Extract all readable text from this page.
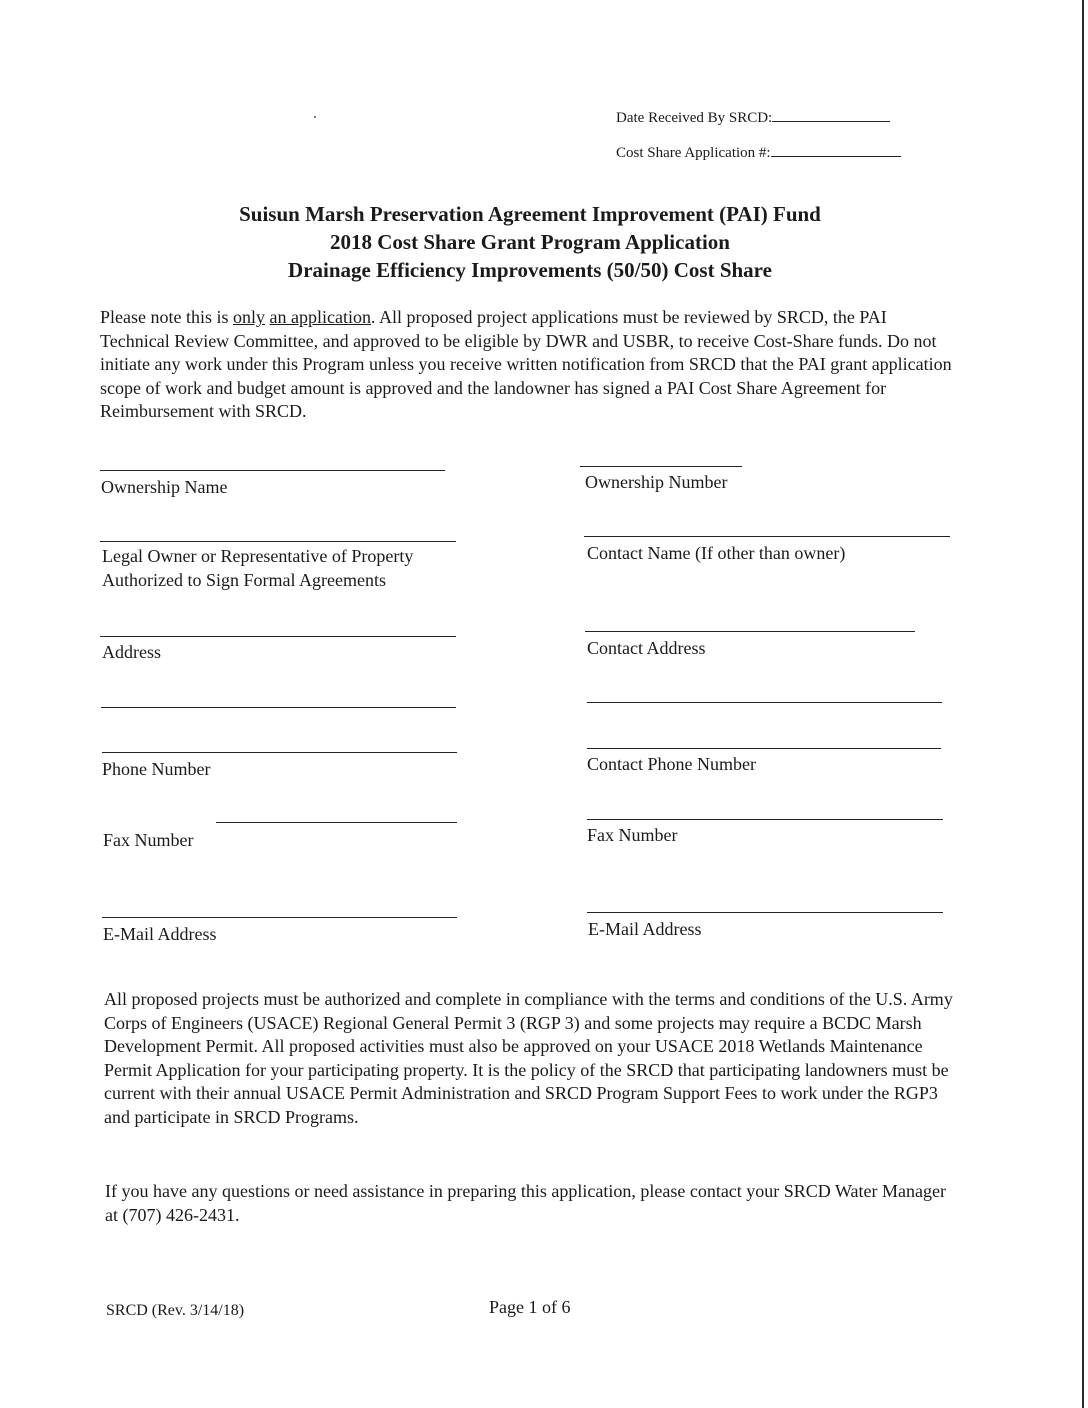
Date Received By SRCD:
Cost Share Application #:
Suisun Marsh Preservation Agreement Improvement (PAI) Fund
2018 Cost Share Grant Program Application
Drainage Efficiency Improvements (50/50) Cost Share
Please note this is only an application. All proposed project applications must be reviewed by SRCD, the PAI Technical Review Committee, and approved to be eligible by DWR and USBR, to receive Cost-Share funds. Do not initiate any work under this Program unless you receive written notification from SRCD that the PAI grant application scope of work and budget amount is approved and the landowner has signed a PAI Cost Share Agreement for Reimbursement with SRCD.
Ownership Name
Legal Owner or Representative of Property
Authorized to Sign Formal Agreements
Address
Phone Number
Fax Number
E-Mail Address
Ownership Number
Contact Name (If other than owner)
Contact Address
Contact Phone Number
Fax Number
E-Mail Address
All proposed projects must be authorized and complete in compliance with the terms and conditions of the U.S. Army Corps of Engineers (USACE) Regional General Permit 3 (RGP 3) and some projects may require a BCDC Marsh Development Permit. All proposed activities must also be approved on your USACE 2018 Wetlands Maintenance Permit Application for your participating property. It is the policy of the SRCD that participating landowners must be current with their annual USACE Permit Administration and SRCD Program Support Fees to work under the RGP3 and participate in SRCD Programs.
If you have any questions or need assistance in preparing this application, please contact your SRCD Water Manager at (707) 426-2431.
SRCD (Rev. 3/14/18)	Page 1 of 6
